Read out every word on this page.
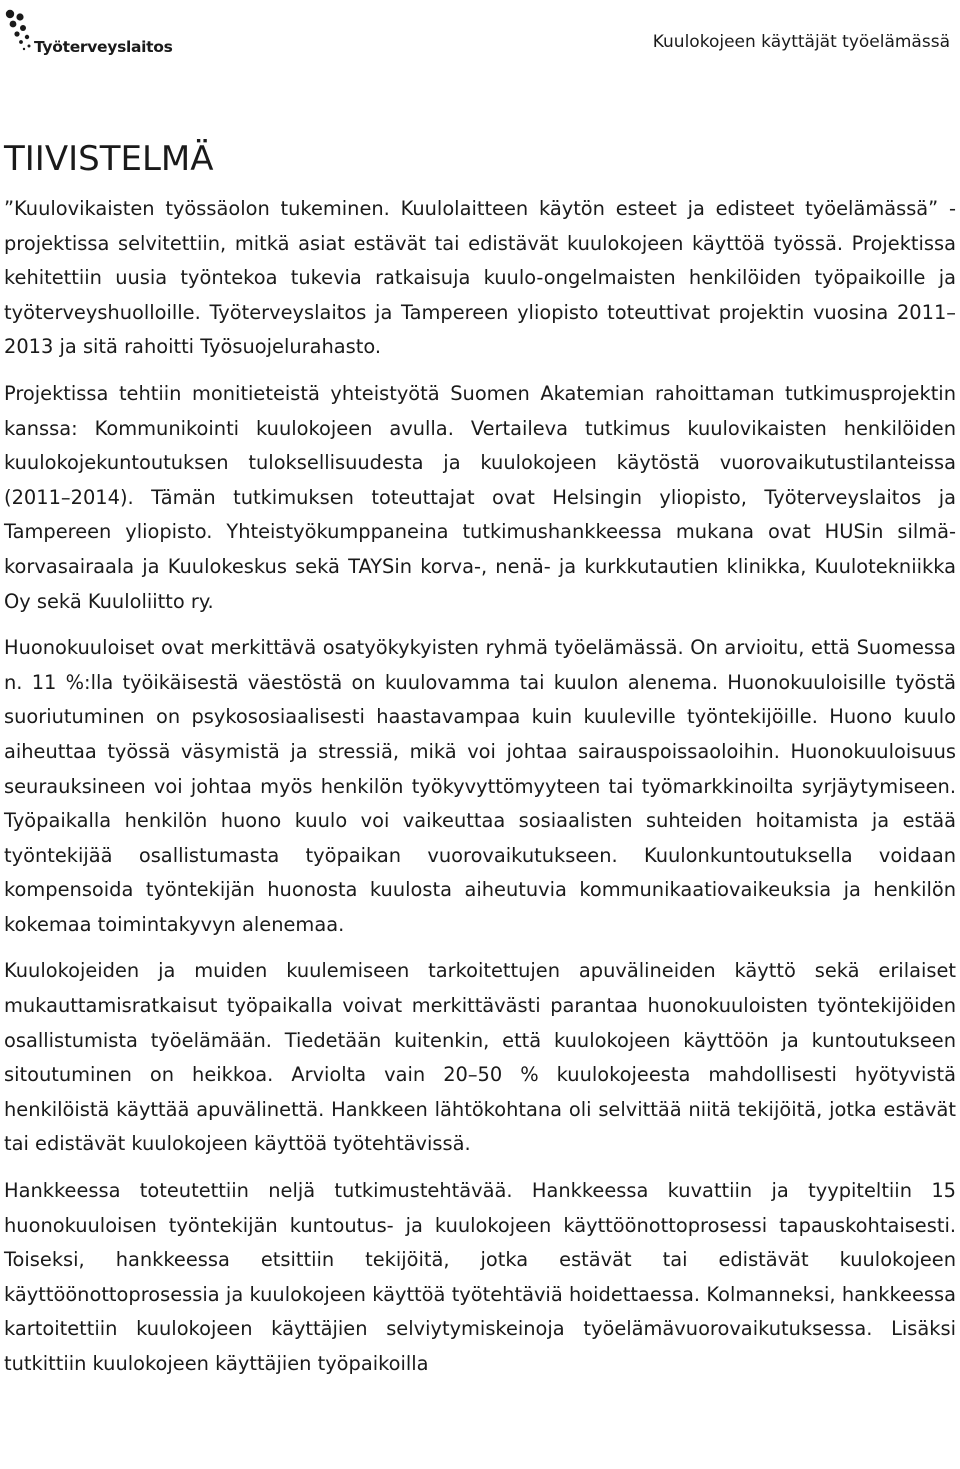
Työterveyslaitos	Kuulokojeen käyttäjät työelämässä
TIIVISTELMÄ

”Kuulovikaisten työssäolon tukeminen. Kuulolaitteen käytön esteet ja edisteet työelämässä” -projektissa selvitettiin, mitkä asiat estävät tai edistävät kuulokojeen käyttöä työssä. Projektissa kehitettiin uusia työntekoa tukevia ratkaisuja kuulo-ongelmaisten henkilöiden työpaikoille ja työterveyshuolloille. Työterveyslaitos ja Tampereen yliopisto toteuttivat projektin vuosina 2011–2013 ja sitä rahoitti Työsuojelurahasto.

Projektissa tehtiin monitieteistä yhteistyötä Suomen Akatemian rahoittaman tutkimusprojektin kanssa: Kommunikointi kuulokojeen avulla. Vertaileva tutkimus kuulovikaisten henkilöiden kuulokojekuntoutuksen tuloksellisuudesta ja kuulokojeen käytöstä vuorovaikutustilanteissa (2011–2014). Tämän tutkimuksen toteuttajat ovat Helsingin yliopisto, Työterveyslaitos ja Tampereen yliopisto. Yhteistyökumppaneina tutkimushankkeessa mukana ovat HUSin silmä-korvasairaala ja Kuulokeskus sekä TAYSin korva-, nenä- ja kurkkutautien klinikka, Kuulotekniikka Oy sekä Kuuloliitto ry.

Huonokuuloiset ovat merkittävä osatyökykyisten ryhmä työelämässä. On arvioitu, että Suomessa n. 11 %:lla työikäisestä väestöstä on kuulovamma tai kuulon alenema. Huonokuuloisille työstä suoriutuminen on psykososiaalisesti haastavampaa kuin kuuleville työntekijöille. Huono kuulo aiheuttaa työssä väsymistä ja stressiä, mikä voi johtaa sairauspoissaoloihin. Huonokuuloisuus seurauksineen voi johtaa myös henkilön työkyvyttömyyteen tai työmarkkinoilta syrjäytymiseen. Työpaikalla henkilön huono kuulo voi vaikeuttaa sosiaalisten suhteiden hoitamista ja estää työntekijää osallistumasta työpaikan vuorovaikutukseen. Kuulonkuntoutuksella voidaan kompensoida työntekijän huonosta kuulosta aiheutuvia kommunikaatiovaikeuksia ja henkilön kokemaa toimintakyvyn alenemaa.

Kuulokojeiden ja muiden kuulemiseen tarkoitettujen apuvälineiden käyttö sekä erilaiset mukauttamisratkaisut työpaikalla voivat merkittävästi parantaa huonokuuloisten työntekijöiden osallistumista työelämään. Tiedetään kuitenkin, että kuulokojeen käyttöön ja kuntoutukseen sitoutuminen on heikkoa. Arviolta vain 20–50 % kuulokojeesta mahdollisesti hyötyvistä henkilöistä käyttää apuvälinettä. Hankkeen lähtökohtana oli selvittää niitä tekijöitä, jotka estävät tai edistävät kuulokojeen käyttöä työtehtävissä.

Hankkeessa toteutettiin neljä tutkimustehtävää. Hankkeessa kuvattiin ja tyypiteltiin 15 huonokuuloisen työntekijän kuntoutus- ja kuulokojeen käyttöönottoprosessi tapauskohtaisesti. Toiseksi, hankkeessa etsittiin tekijöitä, jotka estävät tai edistävät kuulokojeen käyttöönottoprosessia ja kuulokojeen käyttöä työtehtäviä hoidettaessa. Kolmanneksi, hankkeessa kartoitettiin kuulokojeen käyttäjien selviytymiskeinoja työelämävuorovaikutuksessa. Lisäksi tutkittiin kuulokojeen käyttäjien työpaikoilla
